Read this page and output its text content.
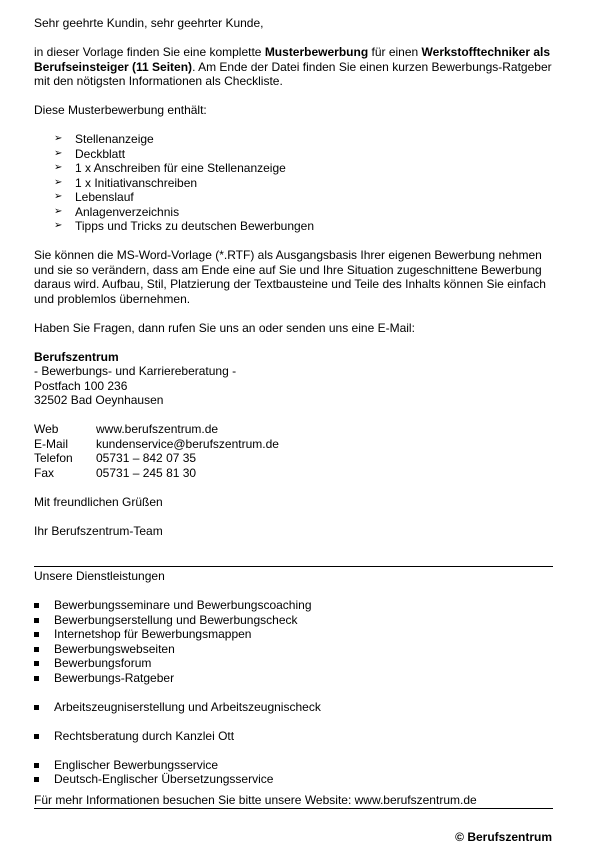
Sehr geehrte Kundin, sehr geehrter Kunde,

in dieser Vorlage finden Sie eine komplette Musterbewerbung für einen Werkstofftechniker als Berufseinsteiger (11 Seiten). Am Ende der Datei finden Sie einen kurzen Bewerbungs-Ratgeber mit den nötigsten Informationen als Checkliste.

Diese Musterbewerbung enthält:

➢ Stellenanzeige
➢ Deckblatt
➢ 1 x Anschreiben für eine Stellenanzeige
➢ 1 x Initiativanschreiben
➢ Lebenslauf
➢ Anlagenverzeichnis
➢ Tipps und Tricks zu deutschen Bewerbungen

Sie können die MS-Word-Vorlage (*.RTF) als Ausgangsbasis Ihrer eigenen Bewerbung nehmen und sie so verändern, dass am Ende eine auf Sie und Ihre Situation zugeschnittene Bewerbung daraus wird. Aufbau, Stil, Platzierung der Textbausteine und Teile des Inhalts können Sie einfach und problemlos übernehmen.

Haben Sie Fragen, dann rufen Sie uns an oder senden uns eine E-Mail:

Berufszentrum

- Bewerbungs- und Karriereberatung -

Postfach 100 236

32502 Bad Oeynhausen

Web	www.berufszentrum.de
E-Mail	kundenservice@berufszentrum.de
Telefon	05731 – 842 07 35
Fax	05731 – 245 81 30

Mit freundlichen Grüßen

Ihr Berufszentrum-Team

Unsere Dienstleistungen

Bewerbungsseminare und Bewerbungscoaching
Bewerbungserstellung und Bewerbungscheck
Internetshop für Bewerbungsmappen
Bewerbungswebseiten
Bewerbungsforum
Bewerbungs-Ratgeber
Arbeitszeugniserstellung und Arbeitszeugnischeck
Rechtsberatung durch Kanzlei Ott
Englischer Bewerbungsservice
Deutsch-Englischer Übersetzungsservice

Für mehr Informationen besuchen Sie bitte unsere Website: www.berufszentrum.de

© Berufszentrum
